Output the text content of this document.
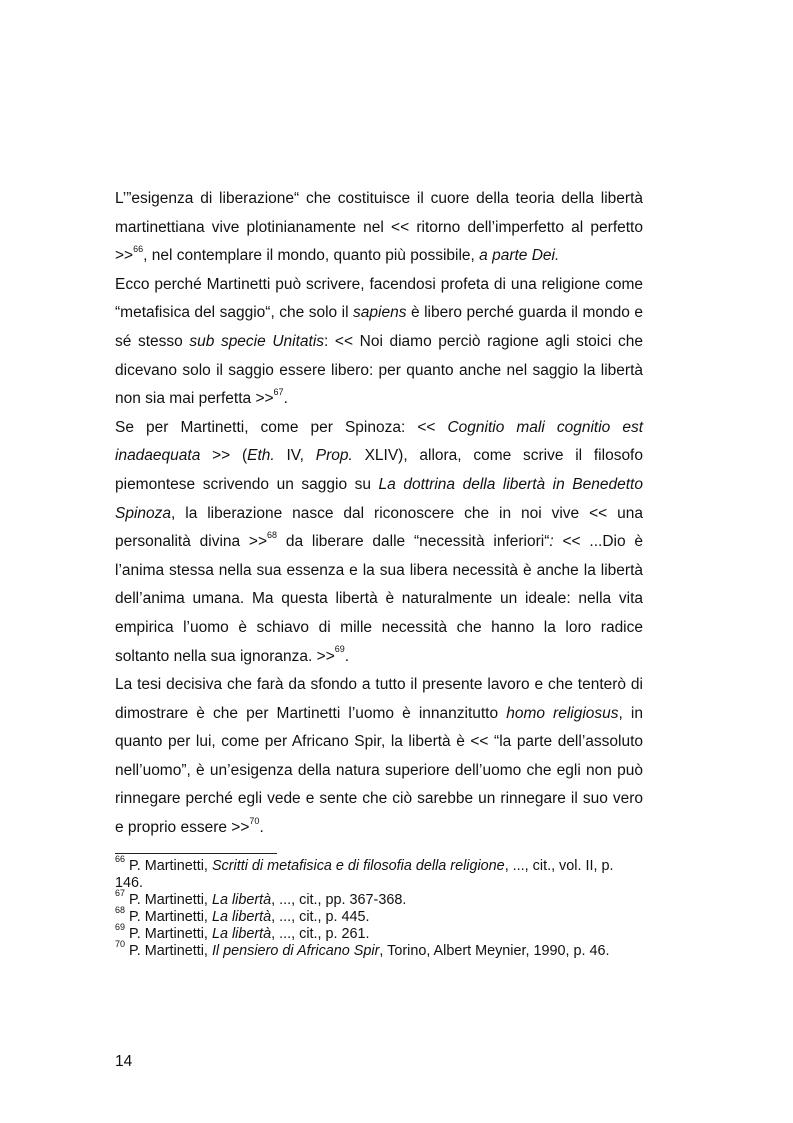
L’”esigenza di liberazione“ che costituisce il cuore della teoria della libertà martinettiana vive plotinianamente nel << ritorno dell’imperfetto al perfetto >>$^{66}$, nel contemplare il mondo, quanto più possibile, a parte Dei.

Ecco perché Martinetti può scrivere, facendosi profeta di una religione come “metafisica del saggio“, che solo il sapiens è libero perché guarda il mondo e sé stesso sub specie Unitatis: << Noi diamo perciò ragione agli stoici che dicevano solo il saggio essere libero: per quanto anche nel saggio la libertà non sia mai perfetta >>$^{67}$.

Se per Martinetti, come per Spinoza: << Cognitio mali cognitio est inadaequata >> (Eth. IV, Prop. XLIV), allora, come scrive il filosofo piemontese scrivendo un saggio su La dottrina della libertà in Benedetto Spinoza, la liberazione nasce dal riconoscere che in noi vive << una personalità divina >>$^{68}$ da liberare dalle “necessità inferiori“: << ...Dio è l’anima stessa nella sua essenza e la sua libera necessità è anche la libertà dell’anima umana. Ma questa libertà è naturalmente un ideale: nella vita empirica l’uomo è schiavo di mille necessità che hanno la loro radice soltanto nella sua ignoranza. >>$^{69}$.

La tesi decisiva che farà da sfondo a tutto il presente lavoro e che tenterò di dimostrare è che per Martinetti l’uomo è innanzitutto homo religiosus, in quanto per lui, come per Africano Spir, la libertà è << “la parte dell’assoluto nell’uomo”, è un’esigenza della natura superiore dell’uomo che egli non può rinnegare perché egli vede e sente che ciò sarebbe un rinnegare il suo vero e proprio essere >>$^{70}$.

$^{66}$ P. Martinetti, Scritti di metafisica e di filosofia della religione, ..., cit., vol. II, p. 146.

$^{67}$ P. Martinetti, La libertà, ..., cit., pp. 367-368.

$^{68}$ P. Martinetti, La libertà, ..., cit., p. 445.

$^{69}$ P. Martinetti, La libertà, ..., cit., p. 261.

$^{70}$ P. Martinetti, Il pensiero di Africano Spir, Torino, Albert Meynier, 1990, p. 46.

14
